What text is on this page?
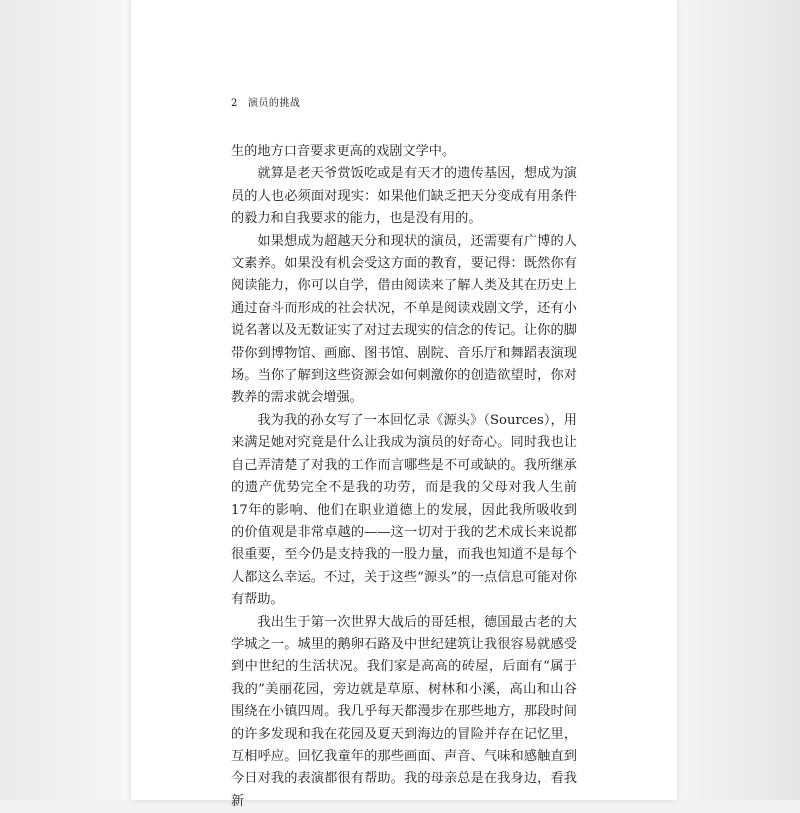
2 演员的挑战

生的地方口音要求更高的戏剧文学中。

就算是老天爷赏饭吃或是有天才的遗传基因，想成为演员的人也必须面对现实：如果他们缺乏把天分变成有用条件的毅力和自我要求的能力，也是没有用的。

如果想成为超越天分和现状的演员，还需要有广博的人文素养。如果没有机会受这方面的教育，要记得：既然你有阅读能力，你可以自学，借由阅读来了解人类及其在历史上通过奋斗而形成的社会状况，不单是阅读戏剧文学，还有小说名著以及无数证实了对过去现实的信念的传记。让你的脚带你到博物馆、画廊、图书馆、剧院、音乐厅和舞蹈表演现场。当你了解到这些资源会如何刺激你的创造欲望时，你对教养的需求就会增强。

我为我的孙女写了一本回忆录《源头》（Sources），用来满足她对究竟是什么让我成为演员的好奇心。同时我也让自己弄清楚了对我的工作而言哪些是不可或缺的。我所继承的遗产优势完全不是我的功劳，而是我的父母对我人生前17年的影响、他们在职业道德上的发展，因此我所吸收到的价值观是非常卓越的——这一切对于我的艺术成长来说都很重要，至今仍是支持我的一股力量，而我也知道不是每个人都这么幸运。不过，关于这些“源头”的一点信息可能对你有帮助。

我出生于第一次世界大战后的哥廷根，德国最古老的大学城之一。城里的鹅卵石路及中世纪建筑让我很容易就感受到中世纪的生活状况。我们家是高高的砖屋，后面有“属于我的”美丽花园，旁边就是草原、树林和小溪，高山和山谷围绕在小镇四周。我几乎每天都漫步在那些地方，那段时间的许多发现和我在花园及夏天到海边的冒险并存在记忆里，互相呼应。回忆我童年的那些画面、声音、气味和感触直到今日对我的表演都很有帮助。我的母亲总是在我身边，看我新
